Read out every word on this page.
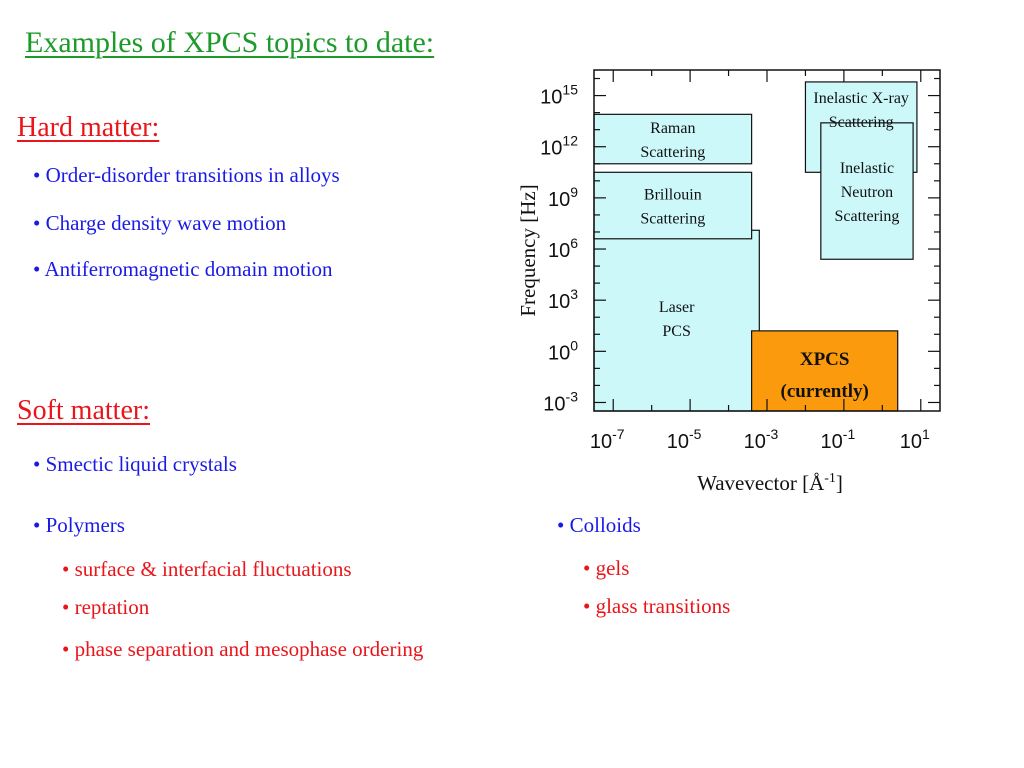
Examples of XPCS topics to date:
Hard matter:
• Order-disorder transitions in alloys
• Charge density wave motion
• Antiferromagnetic domain motion
Soft matter:
• Smectic liquid crystals
• Polymers
• surface & interfacial fluctuations
• reptation
• phase separation and mesophase ordering
• Colloids
• gels
• glass transitions
Laser
PCS
Inelastic X-ray
Scattering
Raman
Scattering
Brillouin
Scattering
Inelastic
Neutron
Scattering
XPCS
(currently)
$10^{-3}$
$10^0$
$10^3$
$10^6$
$10^9$
$10^{12}$
$10^{15}$
$10^{-7}$ $10^{-5}$ $10^{-3}$ $10^{-1}$ $10^1$
Wavevector $[Å^{-1}]$
Frequency [Hz]
